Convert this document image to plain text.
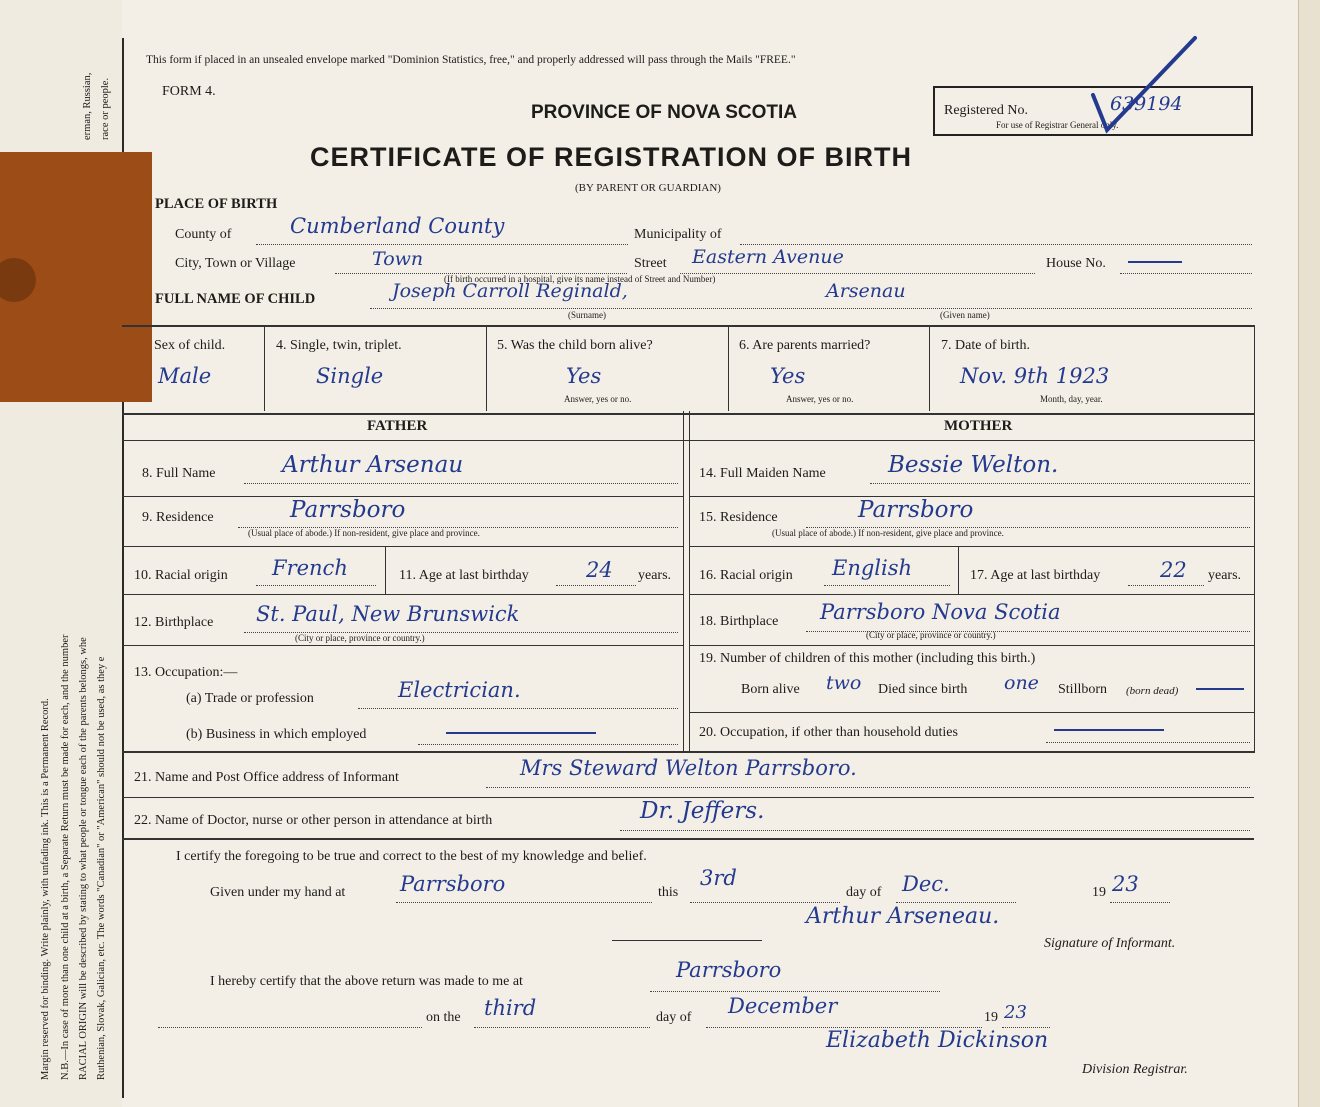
Margin reserved for binding. Write plainly, with unfading ink. This is a Permanent Record. N.B.—In case of more than one child at a birth, a Separate Return must be made for each, and the number RACIAL ORIGIN will be described by stating to what people or tongue each of the parents belongs, whe Ruthenian, Slovak, Galician, etc. The words "Canadian" or "American" should not be used, as they e
erman, Russian, race or people.
This form if placed in an unsealed envelope marked "Dominion Statistics, free," and properly addressed will pass through the Mails "FREE."
FORM 4.
PROVINCE OF NOVA SCOTIA
CERTIFICATE OF REGISTRATION OF BIRTH
(BY PARENT OR GUARDIAN)
Registered No.	639194
For use of Registrar General only.
PLACE OF BIRTH
County of	Cumberland County	Municipality of
City, Town or Village	Town
(If birth occurred in a hospital, give its name instead of Street and Number)
Street Eastern Avenue	House No.
FULL NAME OF CHILD	Joseph Carroll Reginald,	Arsenau
(Surname)	(Given name)
Sex of child.
Male
4. Single, twin, triplet.
Single
5. Was the child born alive?
Yes
Answer, yes or no.
6. Are parents married?
Yes
Answer, yes or no.
7. Date of birth.
Nov. 9th 1923
Month, day, year.
FATHER	MOTHER
8. Full Name	Arthur Arsenau
9. Residence	Parrsboro
(Usual place of abode.) If non-resident, give place and province.
10. Racial origin French	11. Age at last birthday	24 years.
12. Birthplace St. Paul, New Brunswick
(City or place, province or country.)
13. Occupation:—
(a) Trade or profession	Electrician.
(b) Business in which employed
14. Full Maiden Name	Bessie Welton.
15. Residence	Parrsboro
(Usual place of abode.) If non-resident, give place and province.
16. Racial origin English	17. Age at last birthday	22 years.
18. Birthplace Parrsboro Nova Scotia
(City or place, province or country.)
19. Number of children of this mother (including this birth.)
Born alive two Died since birth one Stillborn (born dead)
20. Occupation, if other than household duties
21. Name and Post Office address of Informant	Mrs Steward Welton Parrsboro.
22. Name of Doctor, nurse or other person in attendance at birth	Dr. Jeffers.
I certify the foregoing to be true and correct to the best of my knowledge and belief.
Given under my hand at	Parrsboro	this
3rd
day of Dec.	19 23
Arthur Arseneau.
Signature of Informant.
I hereby certify that the above return was made to me at	Parrsboro
on the third	day of December	19 23
Elizabeth Dickinson
Division Registrar.
